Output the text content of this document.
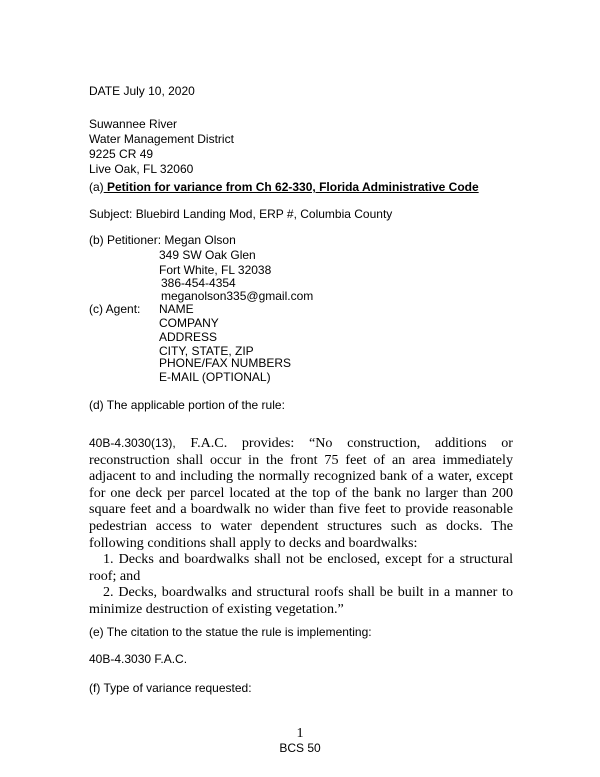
DATE July 10, 2020
Suwannee River
Water Management District
9225 CR 49
Live Oak, FL 32060
(a) Petition for variance from Ch 62-330, Florida Administrative Code
Subject: Bluebird Landing Mod, ERP #, Columbia County
(b) Petitioner: Megan Olson
349 SW Oak Glen
Fort White, FL 32038
386-454-4354
meganolson335@gmail.com
(c) Agent: NAME
COMPANY
ADDRESS
CITY, STATE, ZIP
PHONE/FAX NUMBERS
E-MAIL (OPTIONAL)
(d) The applicable portion of the rule:

40B-4.3030(13), F.A.C. provides: “No construction, additions or reconstruction shall occur in the front 75 feet of an area immediately adjacent to and including the normally recognized bank of a water, except for one deck per parcel located at the top of the bank no larger than 200 square feet and a boardwalk no wider than five feet to provide reasonable pedestrian access to water dependent structures such as docks. The following conditions shall apply to decks and boardwalks:

1. Decks and boardwalks shall not be enclosed, except for a structural roof; and

2. Decks, boardwalks and structural roofs shall be built in a manner to minimize destruction of existing vegetation.”

(e) The citation to the statue the rule is implementing:
40B-4.3030 F.A.C.
(f) Type of variance requested:
1
BCS 50
